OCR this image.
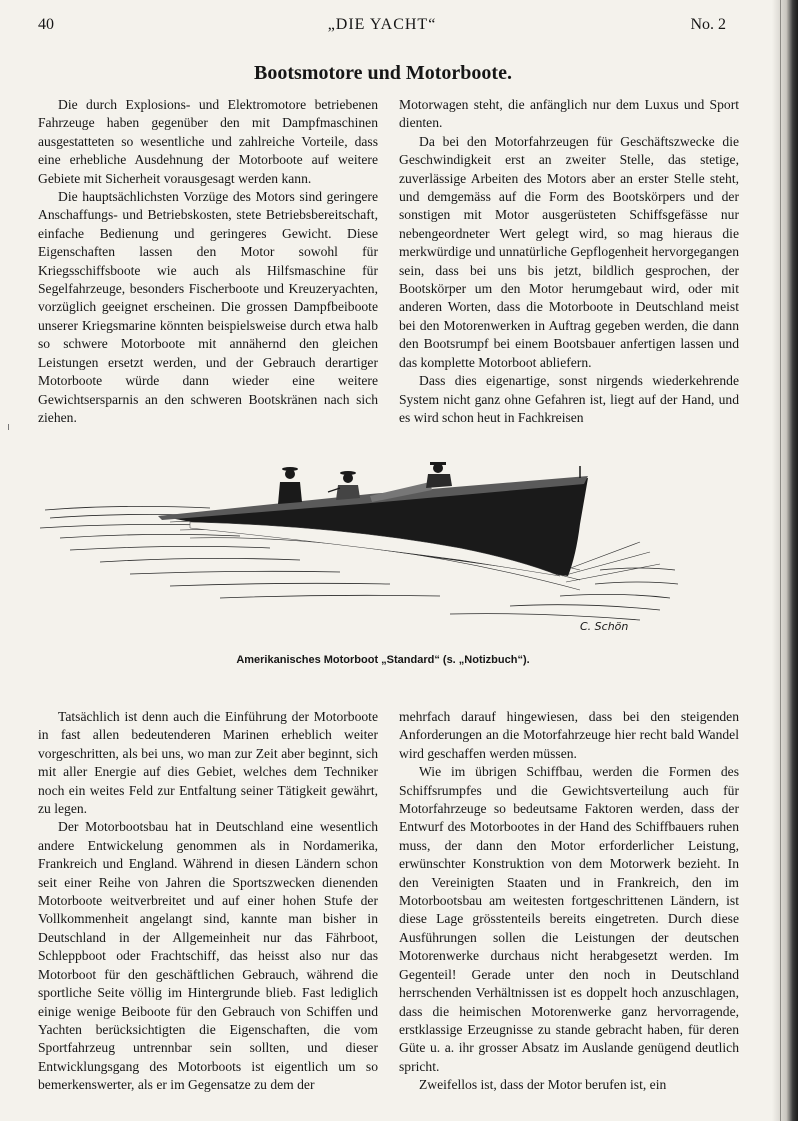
40	„DIE YACHT“	No. 2
Bootsmotore und Motorboote.

Die durch Explosions- und Elektromotore betriebenen Fahrzeuge haben gegenüber den mit Dampfmaschinen ausgestatteten so wesentliche und zahlreiche Vorteile, dass eine erhebliche Ausdehnung der Motorboote auf weitere Gebiete mit Sicherheit vorausgesagt werden kann.

Die hauptsächlichsten Vorzüge des Motors sind geringere Anschaffungs- und Betriebskosten, stete Betriebsbereitschaft, einfache Bedienung und geringeres Gewicht. Diese Eigenschaften lassen den Motor sowohl für Kriegsschiffsboote wie auch als Hilfsmaschine für Segelfahrzeuge, besonders Fischerboote und Kreuzeryachten, vorzüglich geeignet erscheinen. Die grossen Dampfbeiboote unserer Kriegsmarine könnten beispielsweise durch etwa halb so schwere Motorboote mit annähernd den gleichen Leistungen ersetzt werden, und der Gebrauch derartiger Motorboote würde dann wieder eine weitere Gewichtsersparnis an den schweren Bootskränen nach sich ziehen.

Motorwagen steht, die anfänglich nur dem Luxus und Sport dienten.

Da bei den Motorfahrzeugen für Geschäftszwecke die Geschwindigkeit erst an zweiter Stelle, das stetige, zuverlässige Arbeiten des Motors aber an erster Stelle steht, und demgemäss auf die Form des Bootskörpers und der sonstigen mit Motor ausgerüsteten Schiffsgefässe nur nebengeordneter Wert gelegt wird, so mag hieraus die merkwürdige und unnatürliche Gepflogenheit hervorgegangen sein, dass bei uns bis jetzt, bildlich gesprochen, der Bootskörper um den Motor herumgebaut wird, oder mit anderen Worten, dass die Motorboote in Deutschland meist bei den Motorenwerken in Auftrag gegeben werden, die dann den Bootsrumpf bei einem Bootsbauer anfertigen lassen und das komplette Motorboot abliefern.

Dass dies eigenartige, sonst nirgends wiederkehrende System nicht ganz ohne Gefahren ist, liegt auf der Hand, und es wird schon heut in Fachkreisen

C. Schön
Amerikanisches Motorboot „Standard“ (s. „Notizbuch“).

Tatsächlich ist denn auch die Einführung der Motorboote in fast allen bedeutenderen Marinen erheblich weiter vorgeschritten, als bei uns, wo man zur Zeit aber beginnt, sich mit aller Energie auf dies Gebiet, welches dem Techniker noch ein weites Feld zur Entfaltung seiner Tätigkeit gewährt, zu legen.

Der Motorbootsbau hat in Deutschland eine wesentlich andere Entwickelung genommen als in Nordamerika, Frankreich und England. Während in diesen Ländern schon seit einer Reihe von Jahren die Sportszwecken dienenden Motorboote weitverbreitet und auf einer hohen Stufe der Vollkommenheit angelangt sind, kannte man bisher in Deutschland in der Allgemeinheit nur das Fährboot, Schleppboot oder Frachtschiff, das heisst also nur das Motorboot für den geschäftlichen Gebrauch, während die sportliche Seite völlig im Hintergrunde blieb. Fast lediglich einige wenige Beiboote für den Gebrauch von Schiffen und Yachten berücksichtigten die Eigenschaften, die vom Sportfahrzeug untrennbar sein sollten, und dieser Entwicklungsgang des Motorboots ist eigentlich um so bemerkenswerter, als er im Gegensatze zu dem der

mehrfach darauf hingewiesen, dass bei den steigenden Anforderungen an die Motorfahrzeuge hier recht bald Wandel wird geschaffen werden müssen.

Wie im übrigen Schiffbau, werden die Formen des Schiffsrumpfes und die Gewichtsverteilung auch für Motorfahrzeuge so bedeutsame Faktoren werden, dass der Entwurf des Motorbootes in der Hand des Schiffbauers ruhen muss, der dann den Motor erforderlicher Leistung, erwünschter Konstruktion von dem Motorwerk bezieht. In den Vereinigten Staaten und in Frankreich, den im Motorbootsbau am weitesten fortgeschrittenen Ländern, ist diese Lage grösstenteils bereits eingetreten. Durch diese Ausführungen sollen die Leistungen der deutschen Motorenwerke durchaus nicht herabgesetzt werden. Im Gegenteil! Gerade unter den noch in Deutschland herrschenden Verhältnissen ist es doppelt hoch anzuschlagen, dass die heimischen Motorenwerke ganz hervorragende, erstklassige Erzeugnisse zu stande gebracht haben, für deren Güte u. a. ihr grosser Absatz im Auslande genügend deutlich spricht.

Zweifellos ist, dass der Motor berufen ist, ein
